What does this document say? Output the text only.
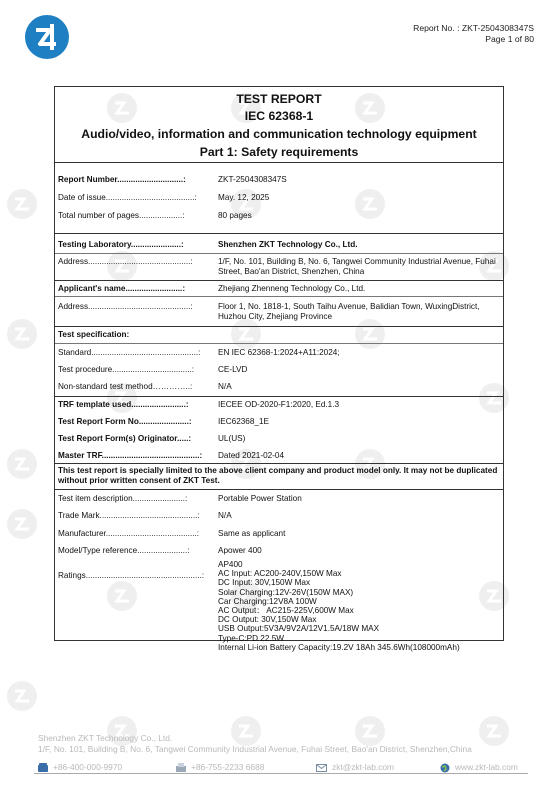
Report No. : ZKT-2504308347S
Page 1 of 80
TEST REPORT
IEC 62368-1
Audio/video, information and communication technology equipment
Part 1: Safety requirements
Report Number.............................:	ZKT-2504308347S
Date of issue.......................................:	May. 12, 2025
Total number of pages...................:	80 pages
Testing Laboratory......................:	Shenzhen ZKT Technology Co., Ltd.
Address.............................................:	1/F, No. 101, Building B, No. 6, Tangwei Community Industrial Avenue, Fuhai Street, Bao'an District, Shenzhen, China
Applicant's name.........................:	Zhejiang Zhenneng Technology Co., Ltd.
Address.............................................:	Floor 1, No. 1818-1, South Taihu Avenue, Balidian Town, WuxingDistrict, Huzhou City, Zhejiang Province
Test specification:
Standard...............................................:	EN IEC 62368-1:2024+A11:2024;
Test procedure...................................:	CE-LVD
Non-standard test method…………..:	N/A
TRF template used........................:	IECEE OD-2020-F1:2020, Ed.1.3
Test Report Form No......................:	IEC62368_1E
Test Report Form(s) Originator.....:	UL(US)
Master TRF...........................................:	Dated 2021-02-04
This test report is specially limited to the above client company and product model only. It may not be duplicated without prior written consent of ZKT Test.
Test item description.......................:	Portable Power Station
Trade Mark...........................................:	N/A
Manufacturer........................................:	Same as applicant
Model/Type reference......................:	Apower 400
Ratings...................................................:
AP400
AC Input: AC200-240V,150W Max
DC Input: 30V,150W Max
Solar Charging:12V-26V(150W MAX)
Car Charging:12V8A 100W
AC Output： AC215-225V,600W Max
DC Output: 30V,150W Max
USB Output:5V3A/9V2A/12V1.5A/18W MAX
Type-C:PD 22.5W
Internal Li-ion Battery Capacity:19.2V 18Ah 345.6Wh(108000mAh)
Shenzhen ZKT Technology Co., Ltd.
1/F, No. 101, Building B, No. 6, Tangwei Community Industrial Avenue, Fuhai Street, Bao'an District, Shenzhen,China
+86-400-000-9970	+86-755-2233 6688	zkt@zkt-lab.com	www.zkt-lab.com
